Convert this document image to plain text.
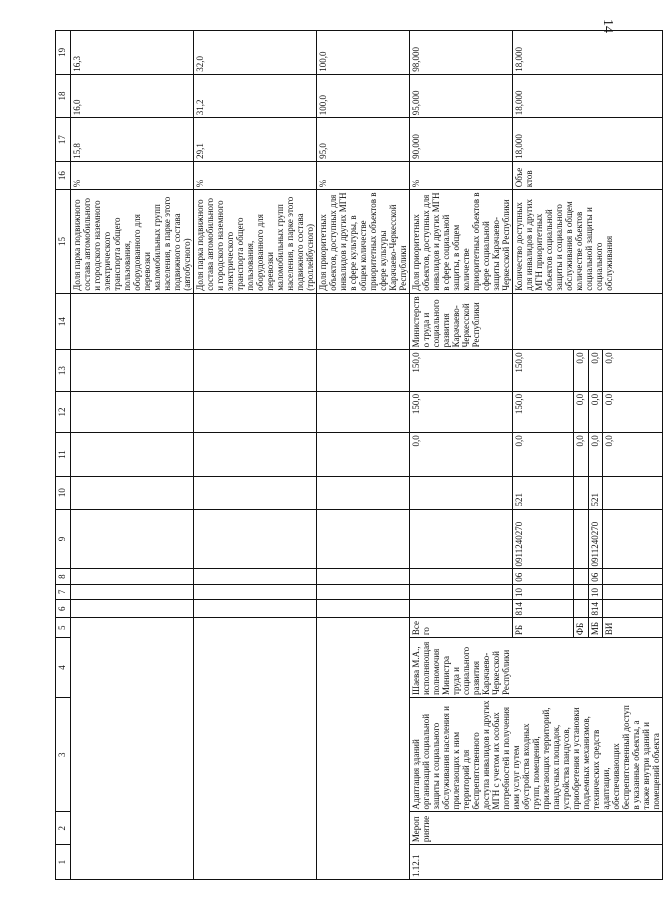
14
1	2	3	4	5	6	7	8	9	10	11	12	13	14	15	16	17	18	19
														Доля парка подвижного состава автомобильного и городского наземного электрического транспорта общего пользования, оборудованного для перевозки маломобильных групп населения, в парке этого подвижного состава (автобусного)	%	15,8	16,0	16,3
														Доля парка подвижного состава автомобильного и городского наземного электрического транспорта общего пользования, оборудованного для перевозки маломобильных групп населения, в парке этого подвижного состава (троллейбусного)	%	29,1	31,2	32,0
														Доля приоритетных объектов, доступных для инвалидов и других МГН в сфере культуры, в общем количестве приоритетных объектов в сфере культуры Карачаево-Черкесской Республики	%	95,0	100,0	100,0
1.12.1	Мероприятие	Адаптация зданий организаций социальной защиты и социального обслуживания населения и прилегающих к ним территорий для беспрепятственного доступа инвалидов и других МГН с учетом их особых потребностей и получения ими услуг путем обустройства входных групп, помещений, прилегающих территорий, пандусных площадок, устройства пандусов, приобретения и установки подъемных механизмов, технических средств адаптации, обеспечивающих беспрепятственный доступ в указанные объекты, а также внутри зданий и помещений объекта	Шаева М.А., исполняющая полномочия Министра труда и социального развития Карачаево-Черкесской Республики	Всего						0,0	150,0	150,0	Министерство труда и социального развития Карачаево-Черкесской Республики	Доля приоритетных объектов, доступных для инвалидов и других МГН в сфере социальной защиты, в общем количестве приоритетных объектов в сфере социальной защиты Карачаево-Черкесской Республики	%	90,000	95,000	98,000
				РБ	814	10	06	0911240270	521	0,0	150,0	150,0		Количество доступных для инвалидов и других МГН приоритетных объектов социальной защиты и социального обслуживания в общем количестве объектов социальной защиты и социального обслуживания	Объектов	18,000	18,000	18,000
				ФБ						0,0	0,0	0,0						
				МБ	814	10	06	0911240270	521	0,0	0,0	0,0						
				ВИ						0,0	0,0	0,0						
